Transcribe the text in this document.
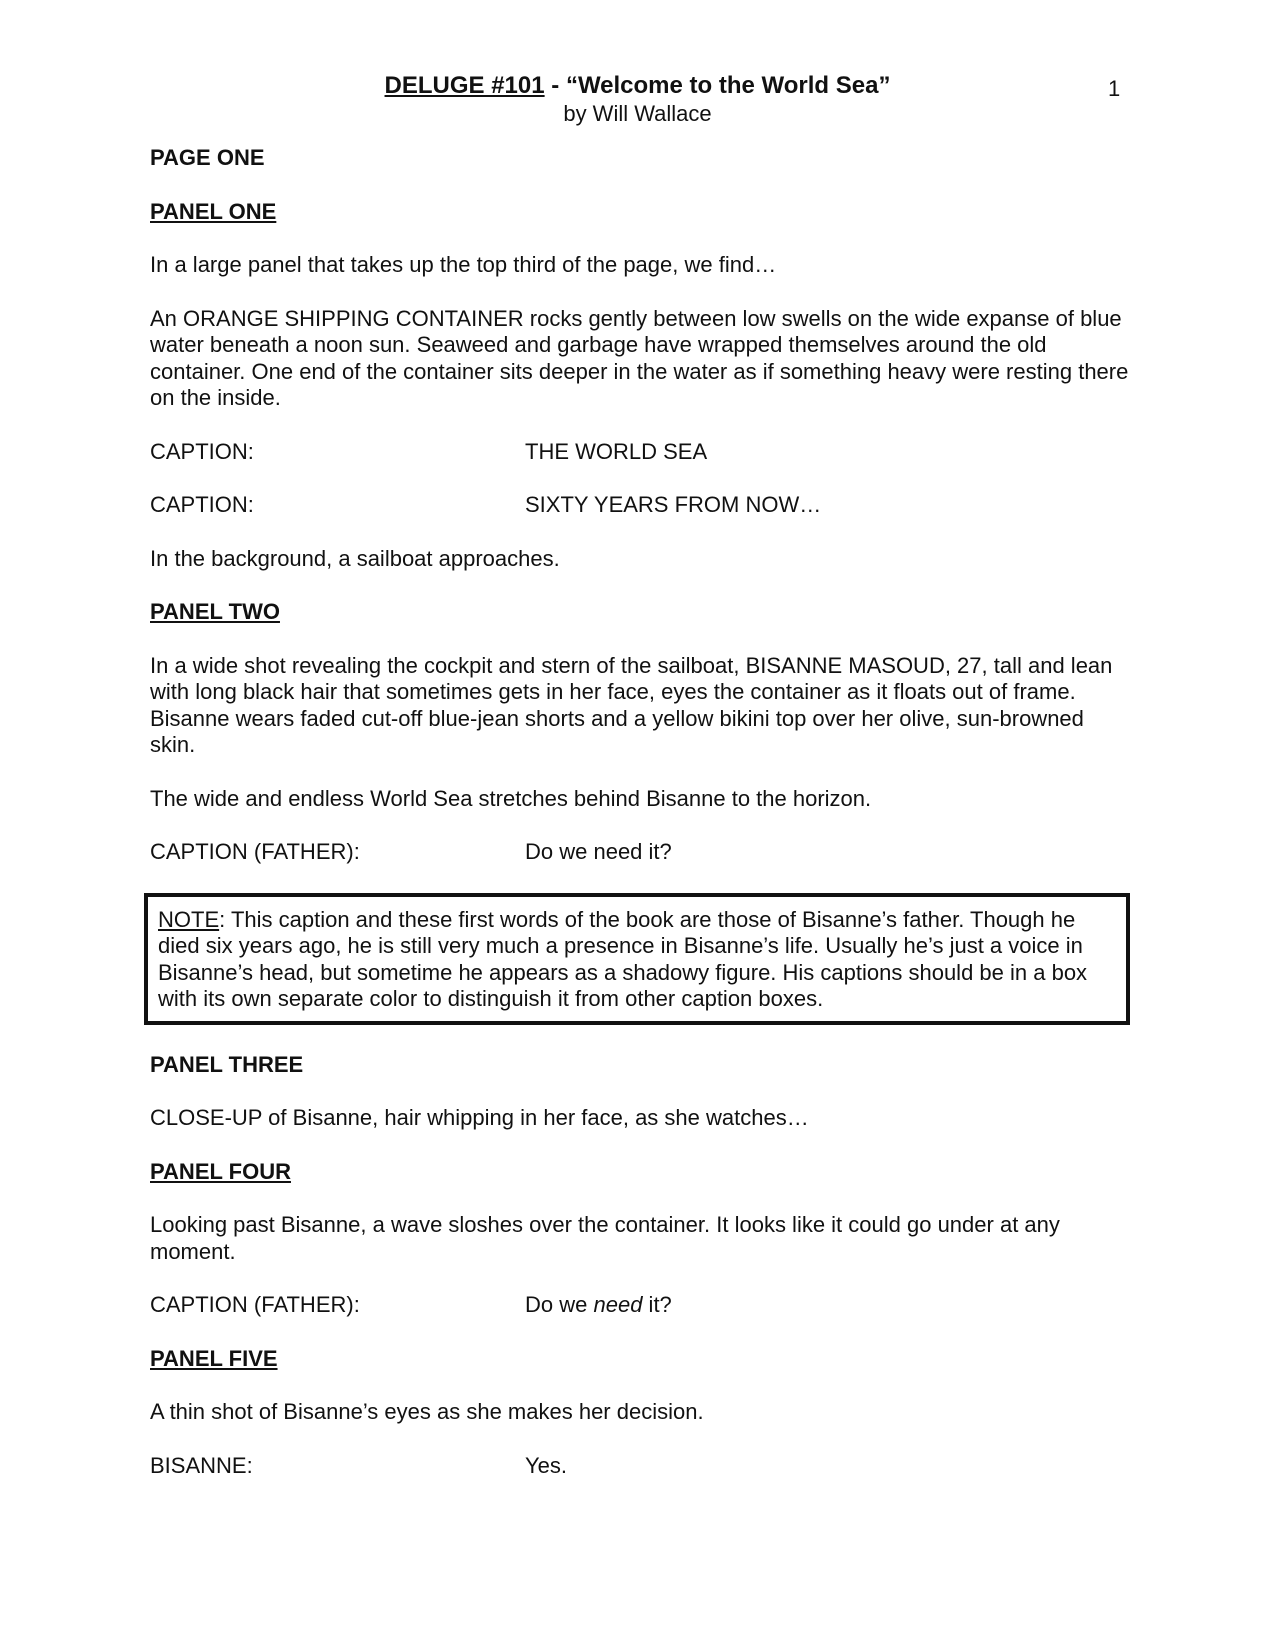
DELUGE #101 - “Welcome to the World Sea”
by Will Wallace
1
PAGE ONE
PANEL ONE
In a large panel that takes up the top third of the page, we find…
An ORANGE SHIPPING CONTAINER rocks gently between low swells on the wide expanse of blue water beneath a noon sun. Seaweed and garbage have wrapped themselves around the old container. One end of the container sits deeper in the water as if something heavy were resting there on the inside.
CAPTION:	THE WORLD SEA
CAPTION:	SIXTY YEARS FROM NOW…
In the background, a sailboat approaches.
PANEL TWO
In a wide shot revealing the cockpit and stern of the sailboat, BISANNE MASOUD, 27, tall and lean with long black hair that sometimes gets in her face, eyes the container as it floats out of frame. Bisanne wears faded cut-off blue-jean shorts and a yellow bikini top over her olive, sun-browned skin.
The wide and endless World Sea stretches behind Bisanne to the horizon.
CAPTION (FATHER):	Do we need it?
NOTE: This caption and these first words of the book are those of Bisanne’s father. Though he died six years ago, he is still very much a presence in Bisanne’s life. Usually he’s just a voice in Bisanne’s head, but sometime he appears as a shadowy figure. His captions should be in a box with its own separate color to distinguish it from other caption boxes.
PANEL THREE
CLOSE-UP of Bisanne, hair whipping in her face, as she watches…
PANEL FOUR
Looking past Bisanne, a wave sloshes over the container. It looks like it could go under at any moment.
CAPTION (FATHER):	Do we need it?
PANEL FIVE
A thin shot of Bisanne’s eyes as she makes her decision.
BISANNE:	Yes.
